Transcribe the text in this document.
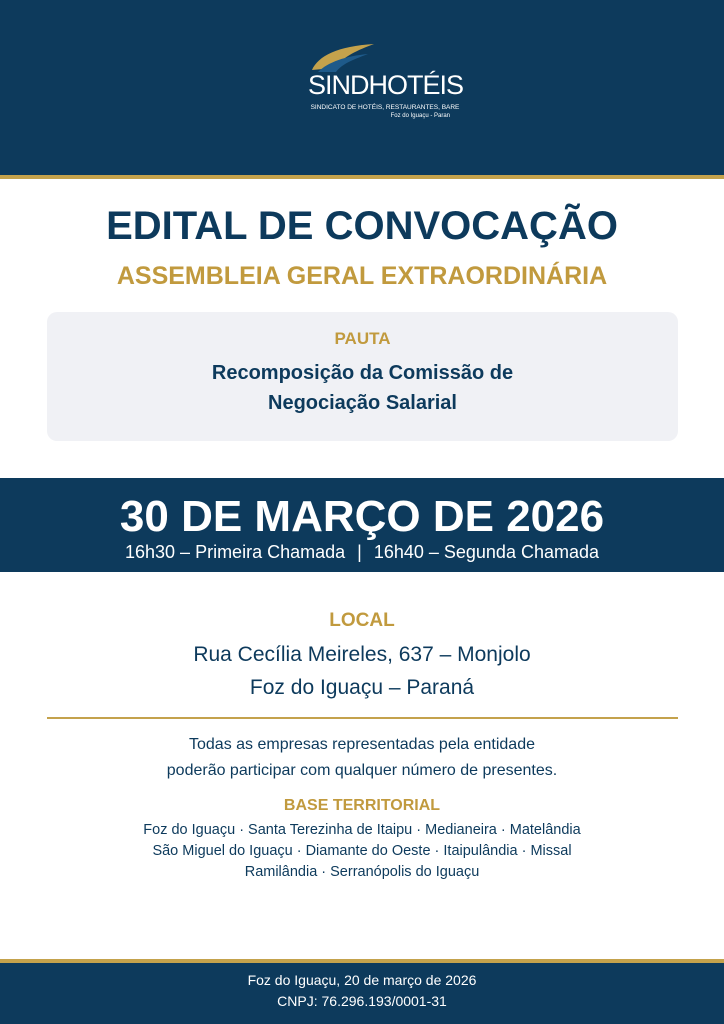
SINDHOTÉIS
SINDICATO DE HOTÉIS, RESTAURANTES, BARE
Foz do Iguaçu - Paran
EDITAL DE CONVOCAÇÃO
ASSEMBLEIA GERAL EXTRAORDINÁRIA
PAUTA
Recomposição da Comissão de
Negociação Salarial
30 DE MARÇO DE 2026
16h30 – Primeira Chamada | 16h40 – Segunda Chamada
LOCAL
Rua Cecília Meireles, 637 – Monjolo
Foz do Iguaçu – Paraná
Todas as empresas representadas pela entidade
poderão participar com qualquer número de presentes.
BASE TERRITORIAL
Foz do Iguaçu · Santa Terezinha de Itaipu · Medianeira · Matelândia
São Miguel do Iguaçu · Diamante do Oeste · Itaipulândia · Missal
Ramilândia · Serranópolis do Iguaçu
Foz do Iguaçu, 20 de março de 2026
CNPJ: 76.296.193/0001-31
